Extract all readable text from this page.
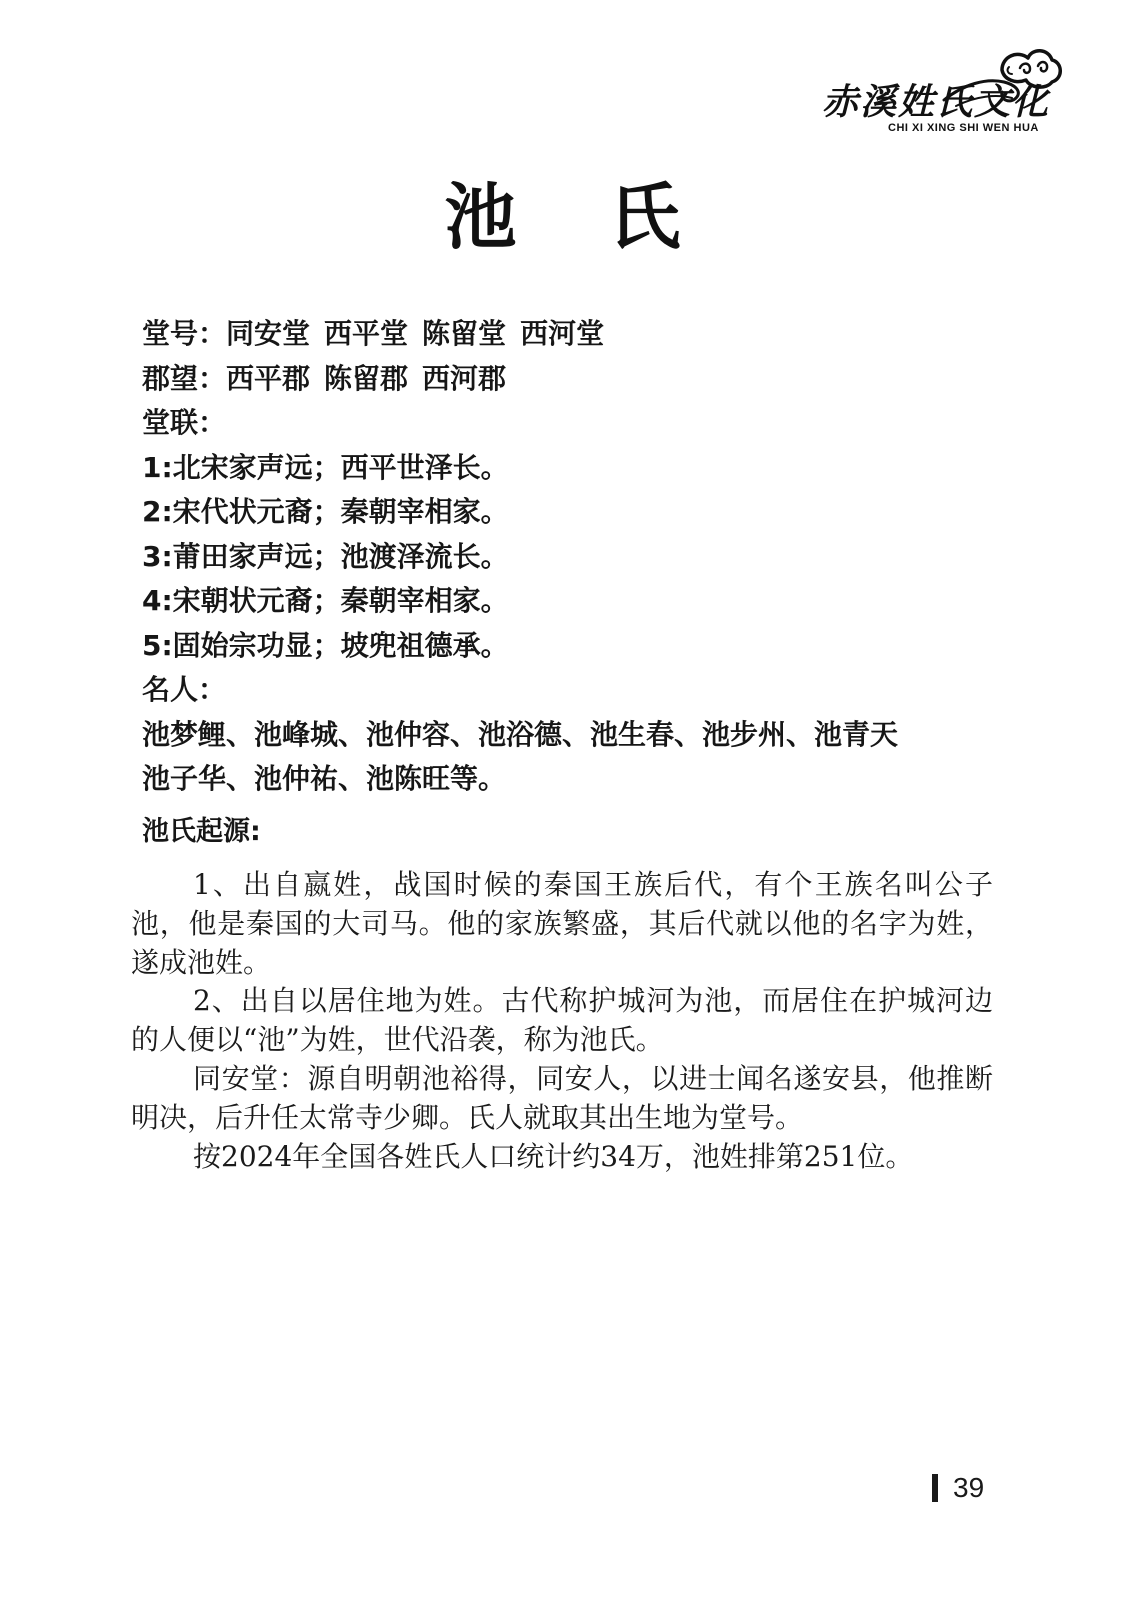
赤溪姓氏文化
CHI XI XING SHI WEN HUA
池氏
堂号：同安堂 西平堂 陈留堂 西河堂
郡望：西平郡 陈留郡 西河郡
堂联：
1:北宋家声远；西平世泽长。
2:宋代状元裔；秦朝宰相家。
3:莆田家声远；池渡泽流长。
4:宋朝状元裔；秦朝宰相家。
5:固始宗功显；坡兜祖德承。
名人：
池梦鲤、池峰城、池仲容、池浴德、池生春、池步州、池青天
池子华、池仲祐、池陈旺等。
池氏起源:

1、出自嬴姓，战国时候的秦国王族后代，有个王族名叫公子池，他是秦国的大司马。他的家族繁盛，其后代就以他的名字为姓，遂成池姓。

2、出自以居住地为姓。古代称护城河为池，而居住在护城河边的人便以“池”为姓，世代沿袭，称为池氏。

同安堂：源自明朝池裕得，同安人，以进士闻名遂安县，他推断明决，后升任太常寺少卿。氏人就取其出生地为堂号。

按2024年全国各姓氏人口统计约34万，池姓排第251位。

39
